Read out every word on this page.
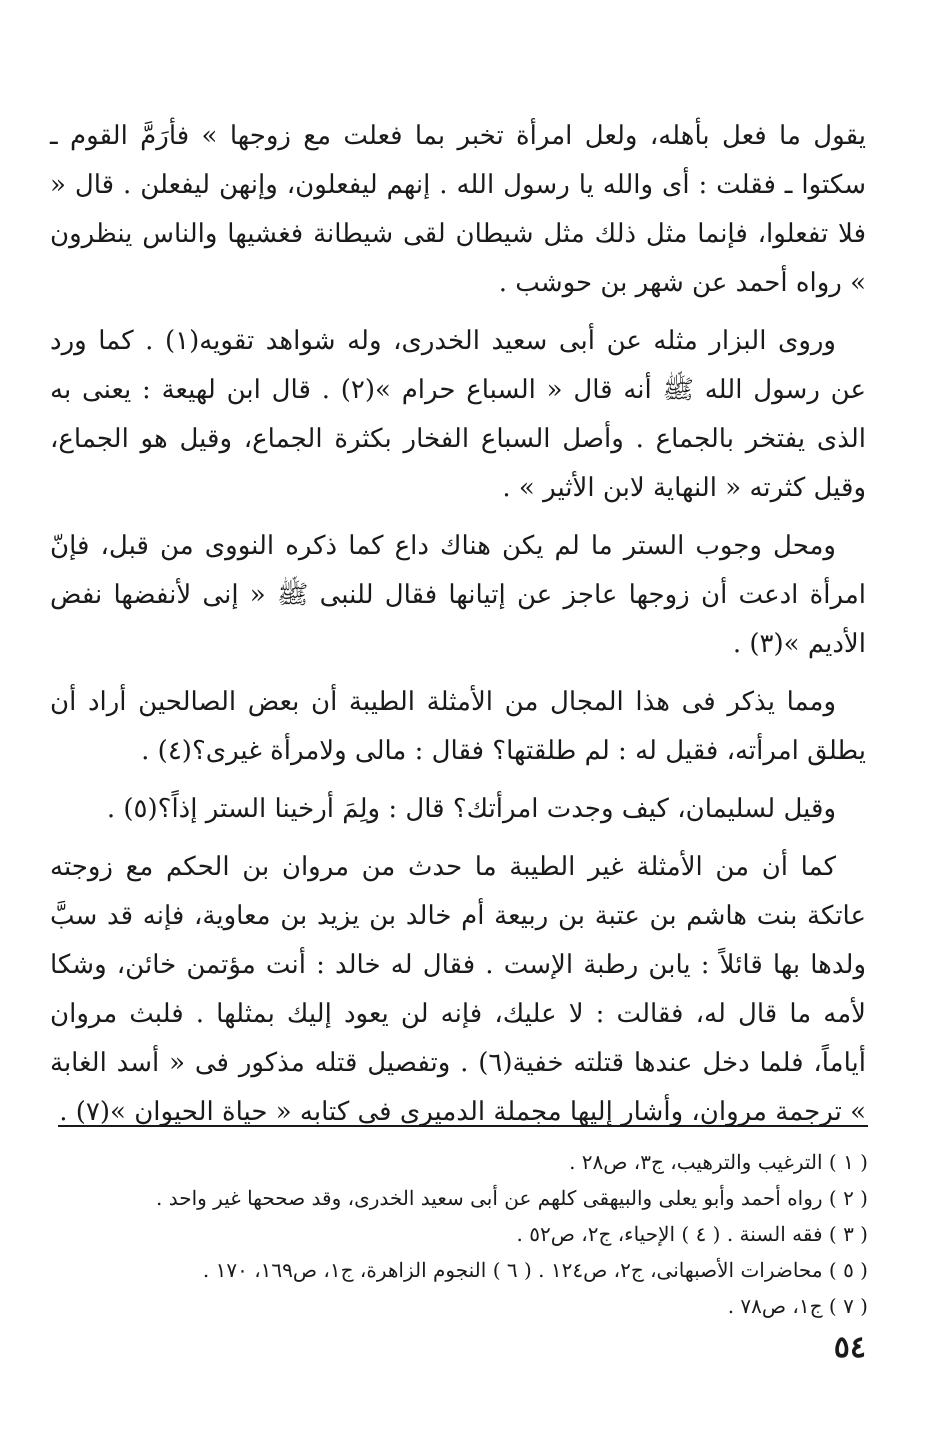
يقول ما فعل بأهله، ولعل امرأة تخبر بما فعلت مع زوجها » فأرَمَّ القوم ـ سكتوا ـ فقلت : أى والله يا رسول الله . إنهم ليفعلون، وإنهن ليفعلن . قال « فلا تفعلوا، فإنما مثل ذلك مثل شيطان لقى شيطانة فغشيها والناس ينظرون » رواه أحمد عن شهر بن حوشب .

وروى البزار مثله عن أبى سعيد الخدرى، وله شواهد تقويه(١) . كما ورد عن رسول الله ﷺ أنه قال « السباع حرام »(٢) . قال ابن لهيعة : يعنى به الذى يفتخر بالجماع . وأصل السباع الفخار بكثرة الجماع، وقيل هو الجماع، وقيل كثرته « النهاية لابن الأثير » .

ومحل وجوب الستر ما لم يكن هناك داع كما ذكره النووى من قبل، فإنّ امرأة ادعت أن زوجها عاجز عن إتيانها فقال للنبى ﷺ « إنى لأنفضها نفض الأديم »(٣) .

ومما يذكر فى هذا المجال من الأمثلة الطيبة أن بعض الصالحين أراد أن يطلق امرأته، فقيل له : لم طلقتها؟ فقال : مالى ولامرأة غيرى؟(٤) .

وقيل لسليمان، كيف وجدت امرأتك؟ قال : ولِمَ أرخينا الستر إذاً؟(٥) .

كما أن من الأمثلة غير الطيبة ما حدث من مروان بن الحكم مع زوجته عاتكة بنت هاشم بن عتبة بن ربيعة أم خالد بن يزيد بن معاوية، فإنه قد سبَّ ولدها بها قائلاً : يابن رطبة الإست . فقال له خالد : أنت مؤتمن خائن، وشكا لأمه ما قال له، فقالت : لا عليك، فإنه لن يعود إليك بمثلها . فلبث مروان أياماً، فلما دخل عندها قتلته خفية(٦) . وتفصيل قتله مذكور فى « أسد الغابة » ترجمة مروان، وأشار إليها مجملة الدميرى فى كتابه « حياة الحيوان »(٧) .

( ١ ) الترغيب والترهيب، ج٣، ص٢٨ .

( ٢ ) رواه أحمد وأبو يعلى والبيهقى كلهم عن أبى سعيد الخدرى، وقد صححها غير واحد .

( ٣ ) فقه السنة . ( ٤ ) الإحياء، ج٢، ص٥٢ .

( ٥ ) محاضرات الأصبهانى، ج٢، ص١٢٤ . ( ٦ ) النجوم الزاهرة، ج١، ص١٦٩، ١٧٠ .

( ٧ ) ج١، ص٧٨ .

٥٤
